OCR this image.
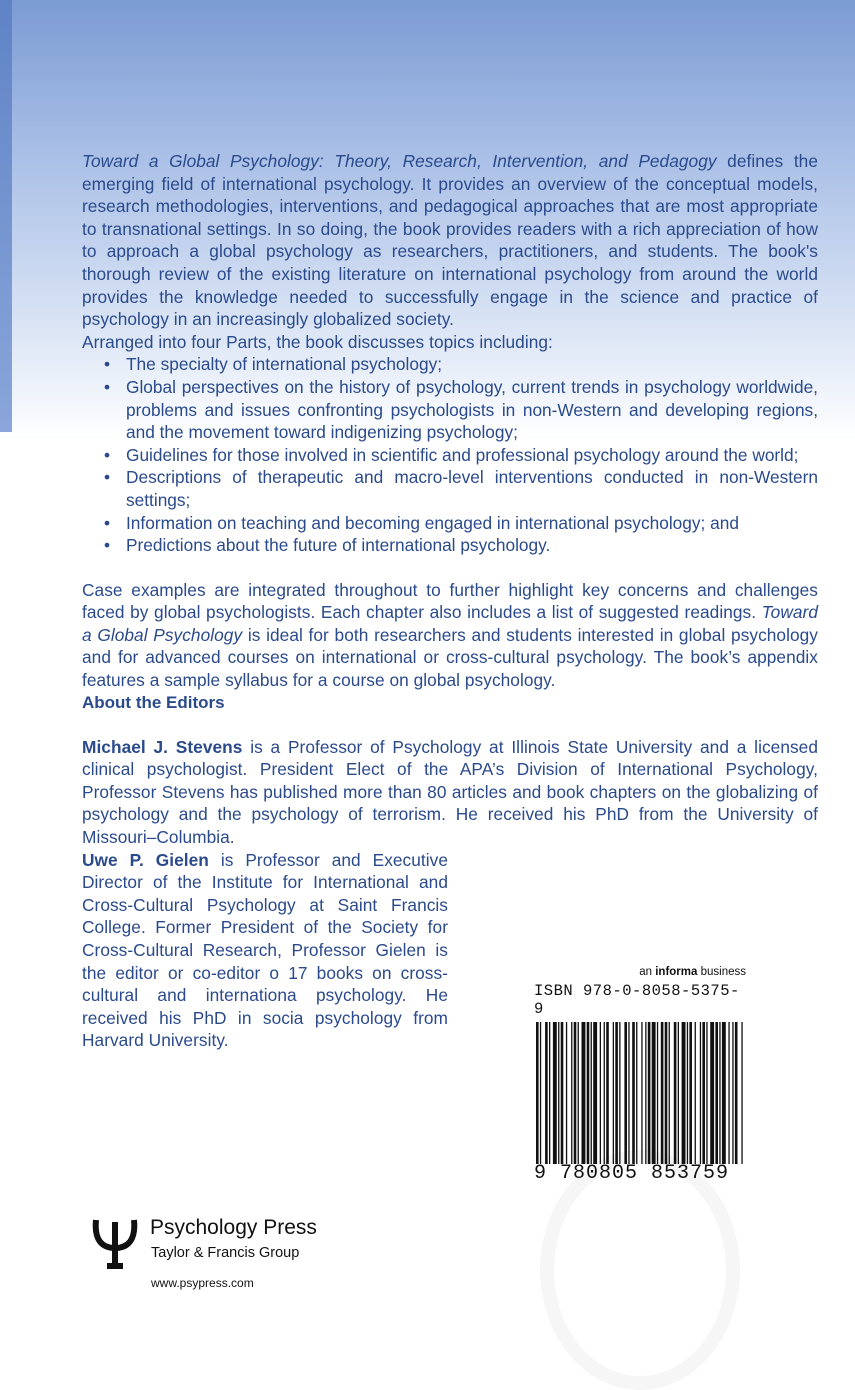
Toward a Global Psychology: Theory, Research, Intervention, and Pedagogy defines the emerging field of international psychology. It provides an overview of the conceptual models, research methodologies, interventions, and pedagogical approaches that are most appropriate to transnational settings. In so doing, the book provides readers with a rich appreciation of how to approach a global psychology as researchers, practitioners, and students. The book's thorough review of the existing literature on international psychology from around the world provides the knowledge needed to successfully engage in the science and practice of psychology in an increasingly globalized society.

Arranged into four Parts, the book discusses topics including:

• The specialty of international psychology;
• Global perspectives on the history of psychology, current trends in psychology worldwide, problems and issues confronting psychologists in non-Western and developing regions, and the movement toward indigenizing psychology;
• Guidelines for those involved in scientific and professional psychology around the world;
• Descriptions of therapeutic and macro-level interventions conducted in non-Western settings;
• Information on teaching and becoming engaged in international psychology; and
• Predictions about the future of international psychology.

Case examples are integrated throughout to further highlight key concerns and challenges faced by global psychologists. Each chapter also includes a list of suggested readings. Toward a Global Psychology is ideal for both researchers and students interested in global psychology and for advanced courses on international or cross-cultural psychology. The book’s appendix features a sample syllabus for a course on global psychology.

About the Editors

Michael J. Stevens is a Professor of Psychology at Illinois State University and a licensed clinical psychologist. President Elect of the APA’s Division of International Psychology, Professor Stevens has published more than 80 articles and book chapters on the globalizing of psychology and the psychology of terrorism. He received his PhD from the University of Missouri–Columbia.

Uwe P. Gielen is Professor and Executive Director of the Institute for International and Cross-Cultural Psychology at Saint Francis College. Former President of the Society for Cross-Cultural Research, Professor Gielen is the editor or co-editor o 17 books on cross-cultural and internationa psychology. He received his PhD in socia psychology from Harvard University.

an informa business
ISBN 978-0-8058-5375-9
9 780805 853759
Psychology Press
Taylor & Francis Group
www.psypress.com
